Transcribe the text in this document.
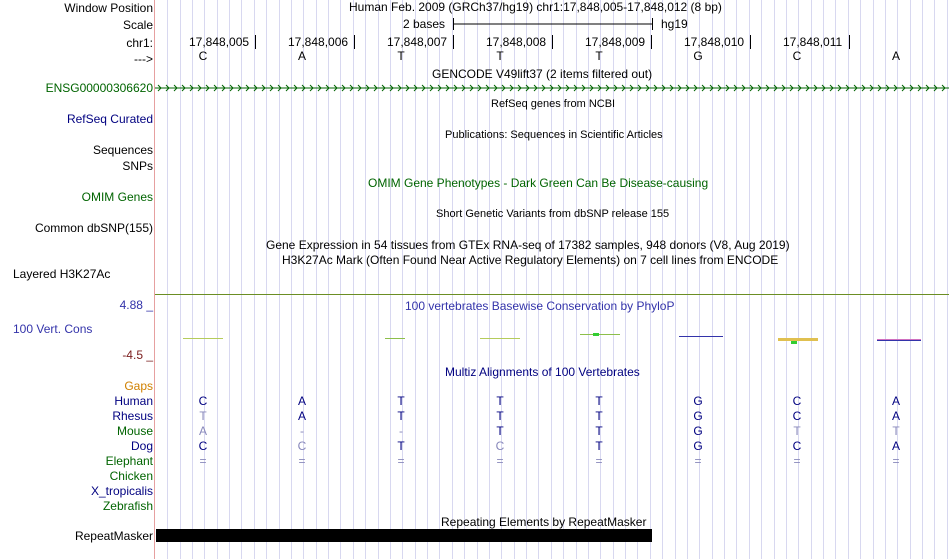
Window Position	Human Feb. 2009 (GRCh37/hg19) chr1:17,848,005-17,848,012 (8 bp)
Scale	2 bases	hg19
chr1:	17,848,005	17,848,006	17,848,007	17,848,008	17,848,009	17,848,010	17,848,011
--->	C	A	T	T	T	G	C	A
GENCODE V49lift37 (2 items filtered out)
ENSG00000306620
RefSeq genes from NCBI
RefSeq Curated
Publications: Sequences in Scientific Articles
Sequences
SNPs
OMIM Gene Phenotypes - Dark Green Can Be Disease-causing
OMIM Genes
Short Genetic Variants from dbSNP release 155
Common dbSNP(155)
Gene Expression in 54 tissues from GTEx RNA-seq of 17382 samples, 948 donors (V8, Aug 2019)
H3K27Ac Mark (Often Found Near Active Regulatory Elements) on 7 cell lines from ENCODE
Layered H3K27Ac
100 vertebrates Basewise Conservation by PhyloP
4.88 _
100 Vert. Cons
-4.5 _
Multiz Alignments of 100 Vertebrates
Gaps
Human	C	A	T	T	T	G	C	A
Rhesus	T	A	T	T	T	G	C	A
Mouse	A	-	-	T	T	G	T	T
Dog	C	C	T	C	T	G	C	A
Elephant	=	=	=	=	=	=	=	=
Chicken
X_tropicalis
Zebrafish
Repeating Elements by RepeatMasker
RepeatMasker
